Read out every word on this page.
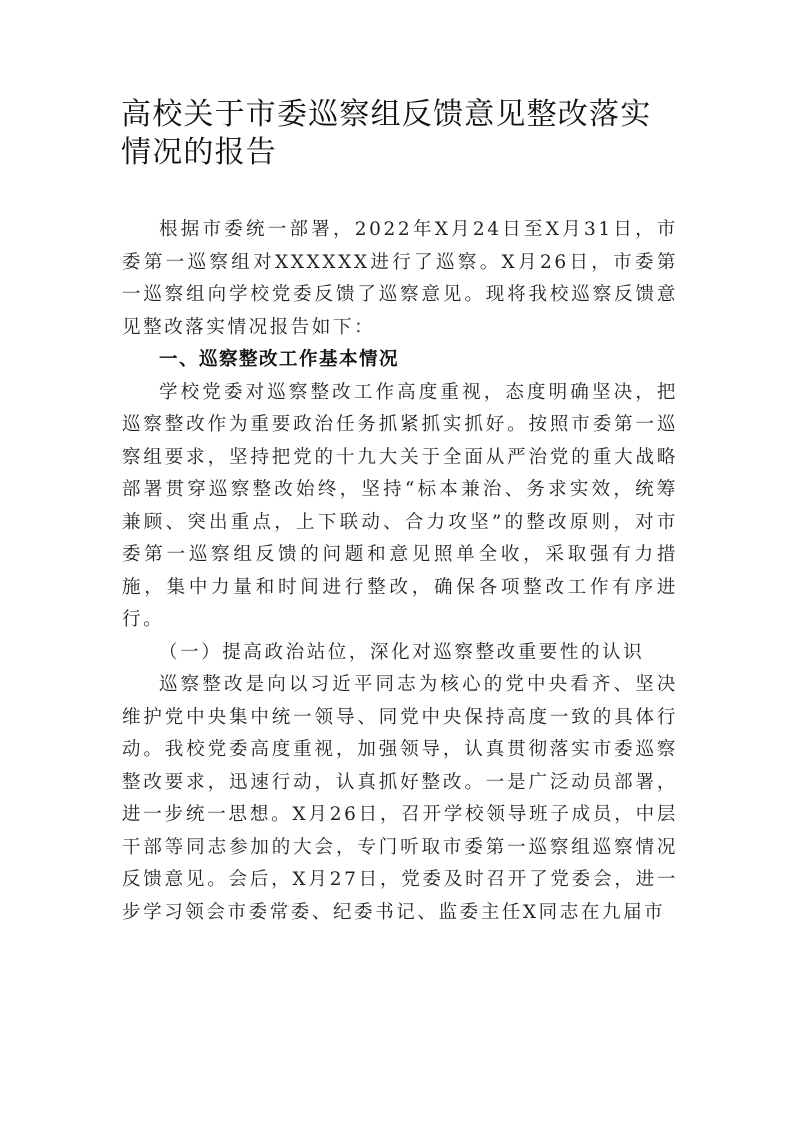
高校关于市委巡察组反馈意见整改落实情况的报告

根据市委统一部署，2022年X月24日至X月31日，市委第一巡察组对XXXXXX进行了巡察。X月26日，市委第一巡察组向学校党委反馈了巡察意见。现将我校巡察反馈意见整改落实情况报告如下：

一、巡察整改工作基本情况

学校党委对巡察整改工作高度重视，态度明确坚决，把巡察整改作为重要政治任务抓紧抓实抓好。按照市委第一巡察组要求，坚持把党的十九大关于全面从严治党的重大战略部署贯穿巡察整改始终，坚持“标本兼治、务求实效，统筹兼顾、突出重点，上下联动、合力攻坚”的整改原则，对市委第一巡察组反馈的问题和意见照单全收，采取强有力措施，集中力量和时间进行整改，确保各项整改工作有序进行。

（一）提高政治站位，深化对巡察整改重要性的认识

巡察整改是向以习近平同志为核心的党中央看齐、坚决维护党中央集中统一领导、同党中央保持高度一致的具体行动。我校党委高度重视，加强领导，认真贯彻落实市委巡察整改要求，迅速行动，认真抓好整改。一是广泛动员部署，进一步统一思想。X月26日，召开学校领导班子成员，中层干部等同志参加的大会，专门听取市委第一巡察组巡察情况反馈意见。会后，X月27日，党委及时召开了党委会，进一步学习领会市委常委、纪委书记、监委主任X同志在九届市
